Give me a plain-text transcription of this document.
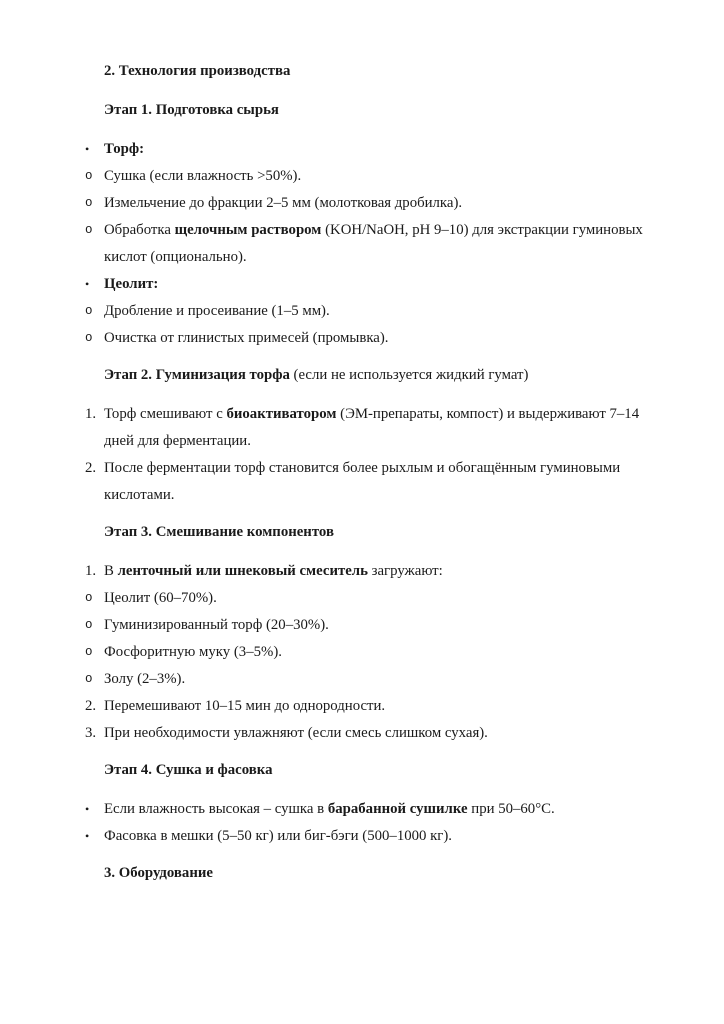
2. Технология производства
Этап 1. Подготовка сырья
• Торф:
o Сушка (если влажность >50%).
o Измельчение до фракции 2–5 мм (молотковая дробилка).
o Обработка щелочным раствором (KOH/NaOH, pH 9–10) для экстракции гуминовых кислот (опционально).
• Цеолит:
o Дробление и просеивание (1–5 мм).
o Очистка от глинистых примесей (промывка).
Этап 2. Гуминизация торфа (если не используется жидкий гумат)
1. Торф смешивают с биоактиватором (ЭМ-препараты, компост) и выдерживают 7–14 дней для ферментации.
2. После ферментации торф становится более рыхлым и обогащённым гуминовыми кислотами.
Этап 3. Смешивание компонентов
1. В ленточный или шнековый смеситель загружают:
o Цеолит (60–70%).
o Гуминизированный торф (20–30%).
o Фосфоритную муку (3–5%).
o Золу (2–3%).
2. Перемешивают 10–15 мин до однородности.
3. При необходимости увлажняют (если смесь слишком сухая).
Этап 4. Сушка и фасовка
• Если влажность высокая – сушка в барабанной сушилке при 50–60°C.
• Фасовка в мешки (5–50 кг) или биг-бэги (500–1000 кг).
3. Оборудование
